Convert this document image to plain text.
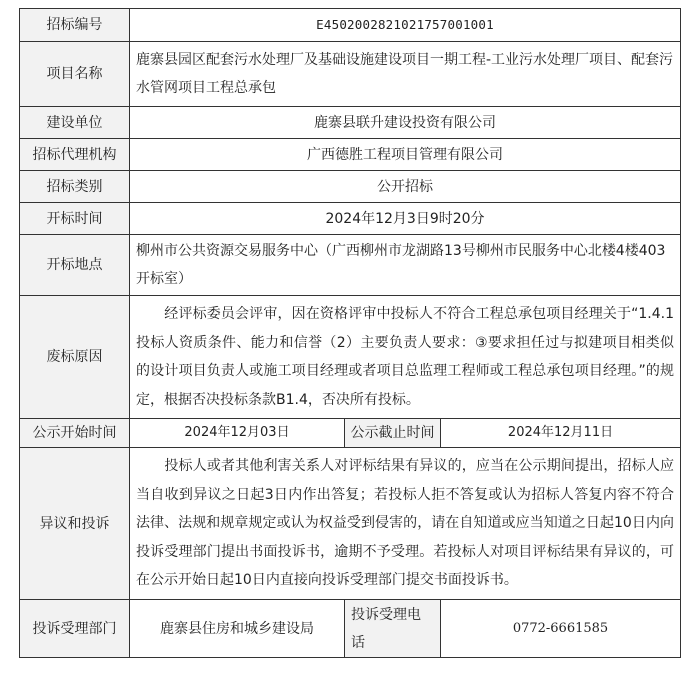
招标编号	E4502002821021757001001		
项目名称	鹿寨县园区配套污水处理厂及基础设施建设项目一期工程-工业污水处理厂项目、配套污水管网项目工程总承包		
建设单位	鹿寨县联升建设投资有限公司		
招标代理机构	广西德胜工程项目管理有限公司		
招标类别	公开招标		
开标时间	2024年12月3日9时20分		
开标地点	柳州市公共资源交易服务中心（广西柳州市龙湖路13号柳州市民服务中心北楼4楼403开标室）		
废标原因	　　经评标委员会评审，因在资格评审中投标人不符合工程总承包项目经理关于“1.4.1投标人资质条件、能力和信誉（2）主要负责人要求：③要求担任过与拟建项目相类似的设计项目负责人或施工项目经理或者项目总监理工程师或工程总承包项目经理。”的规定，根据否决投标条款B1.4，否决所有投标。		
公示开始时间	2024年12月03日	公示截止时间	2024年12月11日
异议和投诉	　　投标人或者其他利害关系人对评标结果有异议的，应当在公示期间提出，招标人应当自收到异议之日起3日内作出答复；若投标人拒不答复或认为招标人答复内容不符合法律、法规和规章规定或认为权益受到侵害的，请在自知道或应当知道之日起10日内向投诉受理部门提出书面投诉书，逾期不予受理。若投标人对项目评标结果有异议的，可在公示开始日起10日内直接向投诉受理部门提交书面投诉书。		
投诉受理部门	鹿寨县住房和城乡建设局	投诉受理电话	0772-6661585
